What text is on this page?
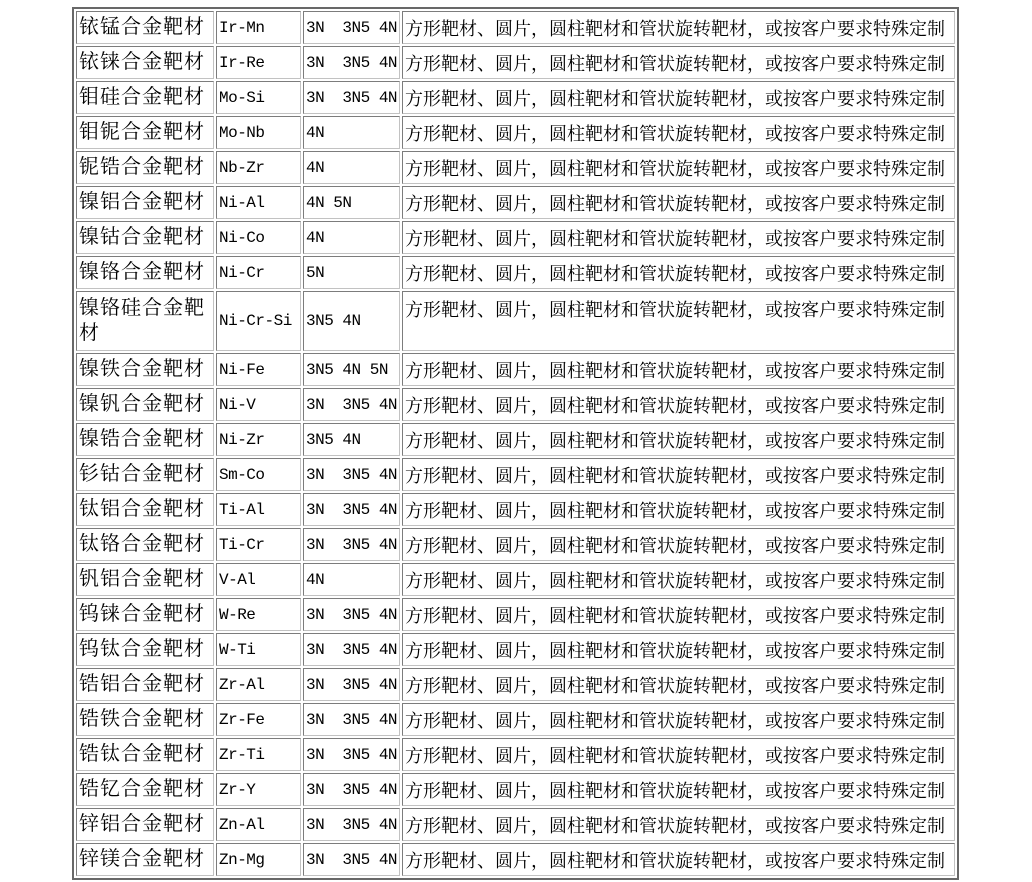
铱锰合金靶材	Ir-Mn	3N  3N5 4N	方形靶材、圆片，圆柱靶材和管状旋转靶材，或按客户要求特殊定制
铱铼合金靶材	Ir-Re	3N  3N5 4N	方形靶材、圆片，圆柱靶材和管状旋转靶材，或按客户要求特殊定制
钼硅合金靶材	Mo-Si	3N  3N5 4N	方形靶材、圆片，圆柱靶材和管状旋转靶材，或按客户要求特殊定制
钼铌合金靶材	Mo-Nb	4N	方形靶材、圆片，圆柱靶材和管状旋转靶材，或按客户要求特殊定制
铌锆合金靶材	Nb-Zr	4N	方形靶材、圆片，圆柱靶材和管状旋转靶材，或按客户要求特殊定制
镍铝合金靶材	Ni-Al	4N 5N	方形靶材、圆片，圆柱靶材和管状旋转靶材，或按客户要求特殊定制
镍钴合金靶材	Ni-Co	4N	方形靶材、圆片，圆柱靶材和管状旋转靶材，或按客户要求特殊定制
镍铬合金靶材	Ni-Cr	5N	方形靶材、圆片，圆柱靶材和管状旋转靶材，或按客户要求特殊定制
镍铬硅合金靶材	Ni-Cr-Si	3N5 4N	方形靶材、圆片，圆柱靶材和管状旋转靶材，或按客户要求特殊定制
镍铁合金靶材	Ni-Fe	3N5 4N 5N	方形靶材、圆片，圆柱靶材和管状旋转靶材，或按客户要求特殊定制
镍钒合金靶材	Ni-V	3N  3N5 4N	方形靶材、圆片，圆柱靶材和管状旋转靶材，或按客户要求特殊定制
镍锆合金靶材	Ni-Zr	3N5 4N	方形靶材、圆片，圆柱靶材和管状旋转靶材，或按客户要求特殊定制
钐钴合金靶材	Sm-Co	3N  3N5 4N	方形靶材、圆片，圆柱靶材和管状旋转靶材，或按客户要求特殊定制
钛铝合金靶材	Ti-Al	3N  3N5 4N	方形靶材、圆片，圆柱靶材和管状旋转靶材，或按客户要求特殊定制
钛铬合金靶材	Ti-Cr	3N  3N5 4N	方形靶材、圆片，圆柱靶材和管状旋转靶材，或按客户要求特殊定制
钒铝合金靶材	V-Al	4N	方形靶材、圆片，圆柱靶材和管状旋转靶材，或按客户要求特殊定制
钨铼合金靶材	W-Re	3N  3N5 4N	方形靶材、圆片，圆柱靶材和管状旋转靶材，或按客户要求特殊定制
钨钛合金靶材	W-Ti	3N  3N5 4N	方形靶材、圆片，圆柱靶材和管状旋转靶材，或按客户要求特殊定制
锆铝合金靶材	Zr-Al	3N  3N5 4N	方形靶材、圆片，圆柱靶材和管状旋转靶材，或按客户要求特殊定制
锆铁合金靶材	Zr-Fe	3N  3N5 4N	方形靶材、圆片，圆柱靶材和管状旋转靶材，或按客户要求特殊定制
锆钛合金靶材	Zr-Ti	3N  3N5 4N	方形靶材、圆片，圆柱靶材和管状旋转靶材，或按客户要求特殊定制
锆钇合金靶材	Zr-Y	3N  3N5 4N	方形靶材、圆片，圆柱靶材和管状旋转靶材，或按客户要求特殊定制
锌铝合金靶材	Zn-Al	3N  3N5 4N	方形靶材、圆片，圆柱靶材和管状旋转靶材，或按客户要求特殊定制
锌镁合金靶材	Zn-Mg	3N  3N5 4N	方形靶材、圆片，圆柱靶材和管状旋转靶材，或按客户要求特殊定制
